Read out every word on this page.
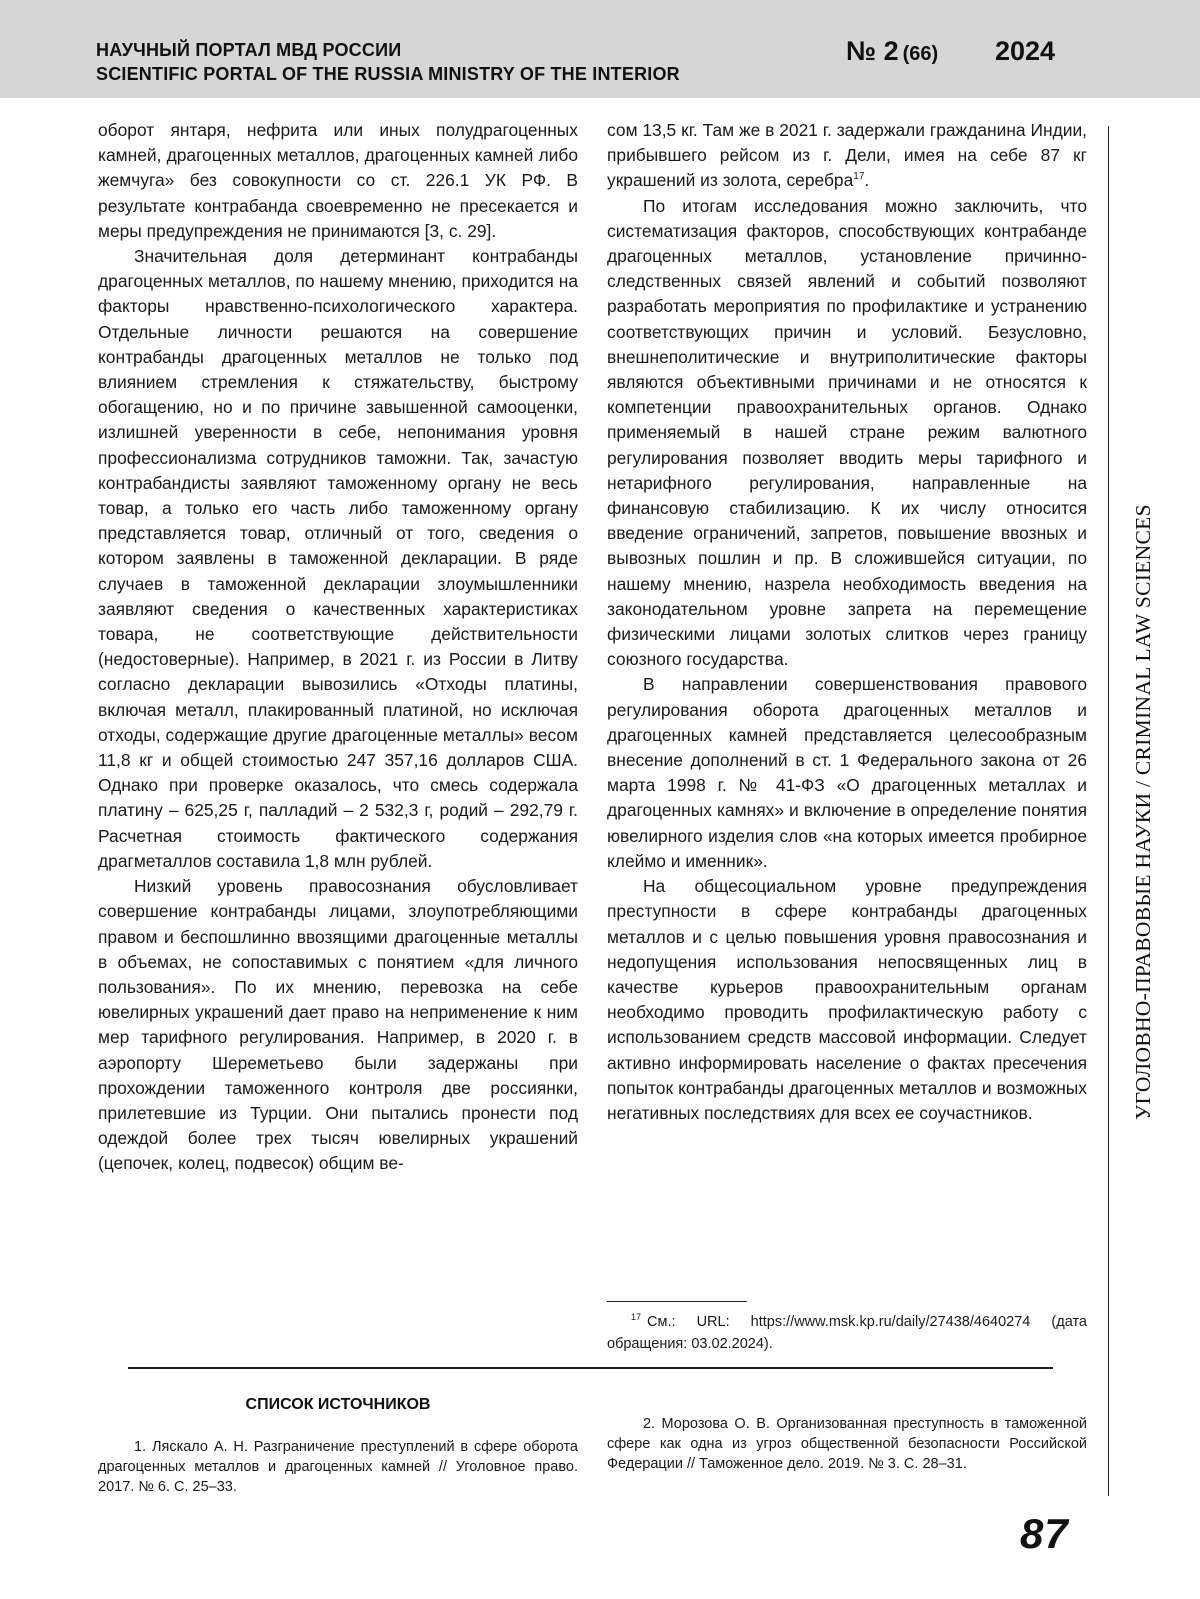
НАУЧНЫЙ ПОРТАЛ МВД РОССИИ
SCIENTIFIC PORTAL OF THE RUSSIA MINISTRY OF THE INTERIOR
№ 2 (66) 2024

оборот янтаря, нефрита или иных полудрагоценных камней, драгоценных металлов, драгоценных камней либо жемчуга» без совокупности со ст. 226.1 УК РФ. В результате контрабанда своевременно не пресекается и меры предупреждения не принимаются [3, с. 29].

Значительная доля детерминант контрабанды драгоценных металлов, по нашему мнению, приходится на факторы нравственно-психологического характера. Отдельные личности решаются на совершение контрабанды драгоценных металлов не только под влиянием стремления к стяжательству, быстрому обогащению, но и по причине завышенной самооценки, излишней уверенности в себе, непонимания уровня профессионализма сотрудников таможни. Так, зачастую контрабандисты заявляют таможенному органу не весь товар, а только его часть либо таможенному органу представляется товар, отличный от того, сведения о котором заявлены в таможенной декларации. В ряде случаев в таможенной декларации злоумышленники заявляют сведения о качественных характеристиках товара, не соответствующие действительности (недостоверные). Например, в 2021 г. из России в Литву согласно декларации вывозились «Отходы платины, включая металл, плакированный платиной, но исключая отходы, содержащие другие драгоценные металлы» весом 11,8 кг и общей стоимостью 247 357,16 долларов США. Однако при проверке оказалось, что смесь содержала платину – 625,25 г, палладий – 2 532,3 г, родий – 292,79 г. Расчетная стоимость фактического содержания драгметаллов составила 1,8 млн рублей.

Низкий уровень правосознания обусловливает совершение контрабанды лицами, злоупотребляющими правом и беспошлинно ввозящими драгоценные металлы в объемах, не сопоставимых с понятием «для личного пользования». По их мнению, перевозка на себе ювелирных украшений дает право на неприменение к ним мер тарифного регулирования. Например, в 2020 г. в аэропорту Шереметьево были задержаны при прохождении таможенного контроля две россиянки, прилетевшие из Турции. Они пытались пронести под одеждой более трех тысяч ювелирных украшений (цепочек, колец, подвесок) общим ве-

сом 13,5 кг. Там же в 2021 г. задержали гражданина Индии, прибывшего рейсом из г. Дели, имея на себе 87 кг украшений из золота, серебра$^{17}$.

По итогам исследования можно заключить, что систематизация факторов, способствующих контрабанде драгоценных металлов, установление причинно-следственных связей явлений и событий позволяют разработать мероприятия по профилактике и устранению соответствующих причин и условий. Безусловно, внешнеполитические и внутриполитические факторы являются объективными причинами и не относятся к компетенции правоохранительных органов. Однако применяемый в нашей стране режим валютного регулирования позволяет вводить меры тарифного и нетарифного регулирования, направленные на финансовую стабилизацию. К их числу относится введение ограничений, запретов, повышение ввозных и вывозных пошлин и пр. В сложившейся ситуации, по нашему мнению, назрела необходимость введения на законодательном уровне запрета на перемещение физическими лицами золотых слитков через границу союзного государства.

В направлении совершенствования правового регулирования оборота драгоценных металлов и драгоценных камней представляется целесообразным внесение дополнений в ст. 1 Федерального закона от 26 марта 1998 г. № 41-ФЗ «О драгоценных металлах и драгоценных камнях» и включение в определение понятия ювелирного изделия слов «на которых имеется пробирное клеймо и именник».

На общесоциальном уровне предупреждения преступности в сфере контрабанды драгоценных металлов и с целью повышения уровня правосознания и недопущения использования непосвященных лиц в качестве курьеров правоохранительным органам необходимо проводить профилактическую работу с использованием средств массовой информации. Следует активно информировать население о фактах пресечения попыток контрабанды драгоценных металлов и возможных негативных последствиях для всех ее соучастников.	УГОЛОВНО-ПРАВОВЫЕ НАУКИ / CRIMINAL LAW SCIENCES
$^{17}$ См.: URL: https://www.msk.kp.ru/daily/27438/4640274 (дата обращения: 03.02.2024).
СПИСОК ИСТОЧНИКОВ
1. Ляскало А. Н. Разграничение преступлений в сфере оборота драгоценных металлов и драгоценных камней // Уголовное право. 2017. № 6. С. 25–33.
2. Морозова О. В. Организованная преступность в таможенной сфере как одна из угроз общественной безопасности Российской Федерации // Таможенное дело. 2019. № 3. С. 28–31.
87
